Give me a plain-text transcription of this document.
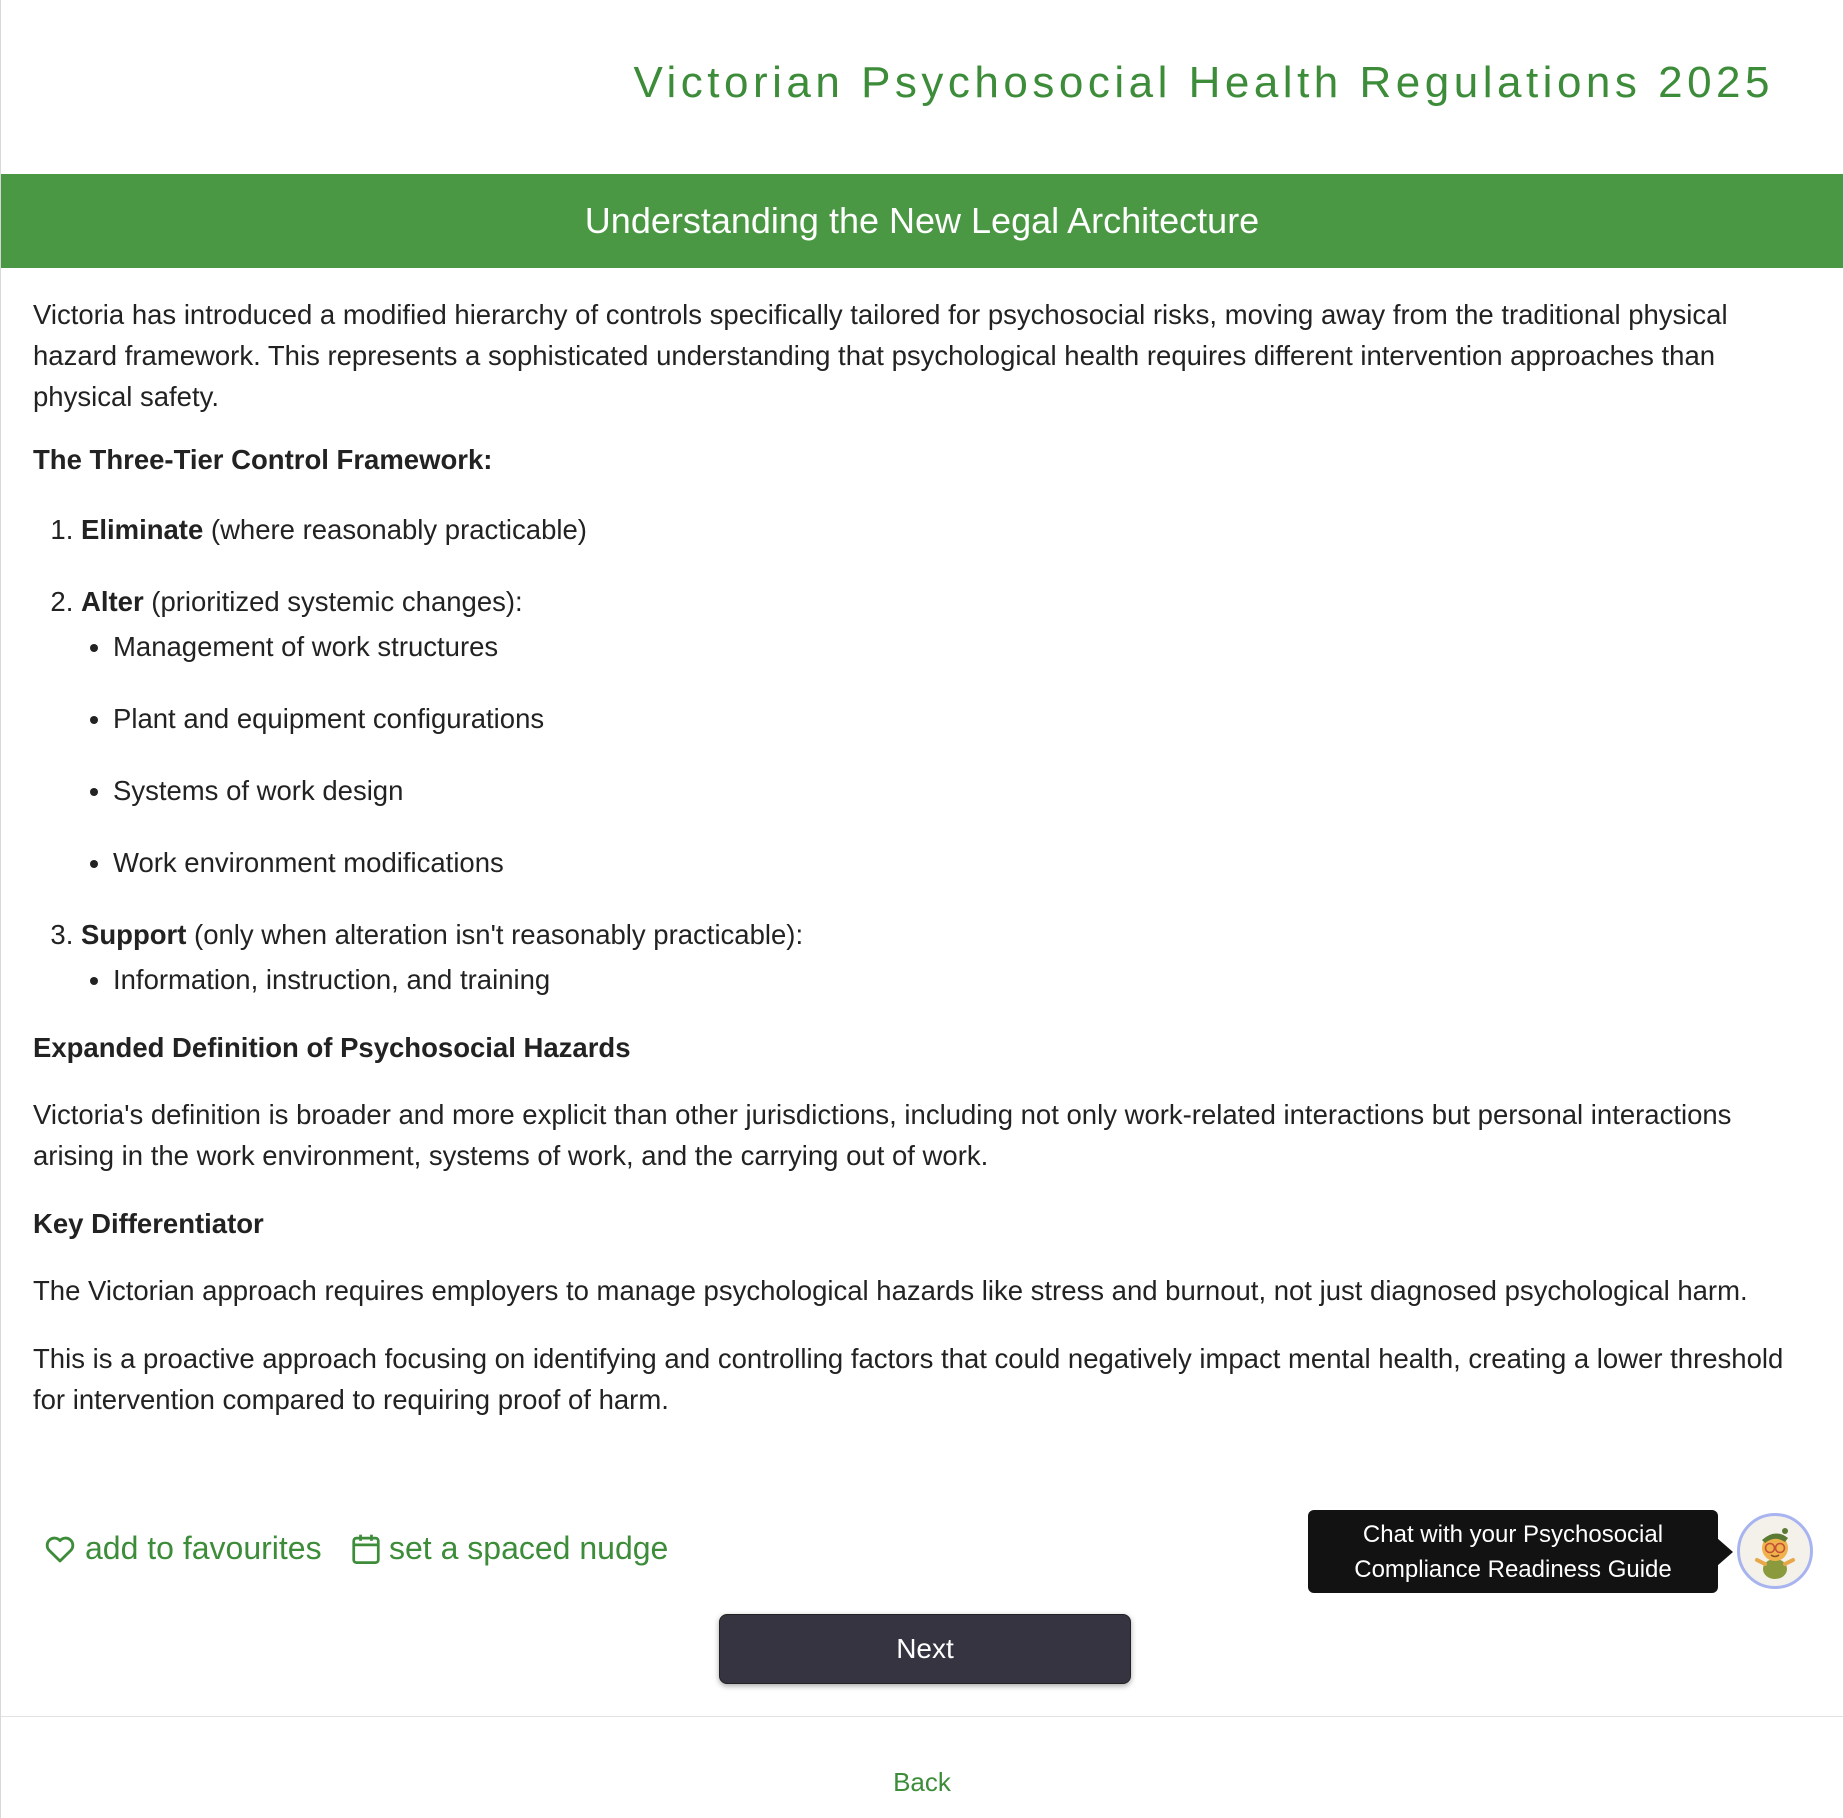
Victorian Psychosocial Health Regulations 2025
Understanding the New Legal Architecture

Victoria has introduced a modified hierarchy of controls specifically tailored for psychosocial risks, moving away from the traditional physical hazard framework. This represents a sophisticated understanding that psychological health requires different intervention approaches than physical safety.

The Three-Tier Control Framework:

1. Eliminate (where reasonably practicable)
2. Alter (prioritized systemic changes):
• Management of work structures
• Plant and equipment configurations
• Systems of work design
• Work environment modifications
3. Support (only when alteration isn't reasonably practicable):
• Information, instruction, and training

Expanded Definition of Psychosocial Hazards

Victoria's definition is broader and more explicit than other jurisdictions, including not only work-related interactions but personal interactions arising in the work environment, systems of work, and the carrying out of work.

Key Differentiator

The Victorian approach requires employers to manage psychological hazards like stress and burnout, not just diagnosed psychological harm.

This is a proactive approach focusing on identifying and controlling factors that could negatively impact mental health, creating a lower threshold for intervention compared to requiring proof of harm.

add to favourites set a spaced nudge	Chat with your Psychosocial
Compliance Readiness Guide
Next
Back
